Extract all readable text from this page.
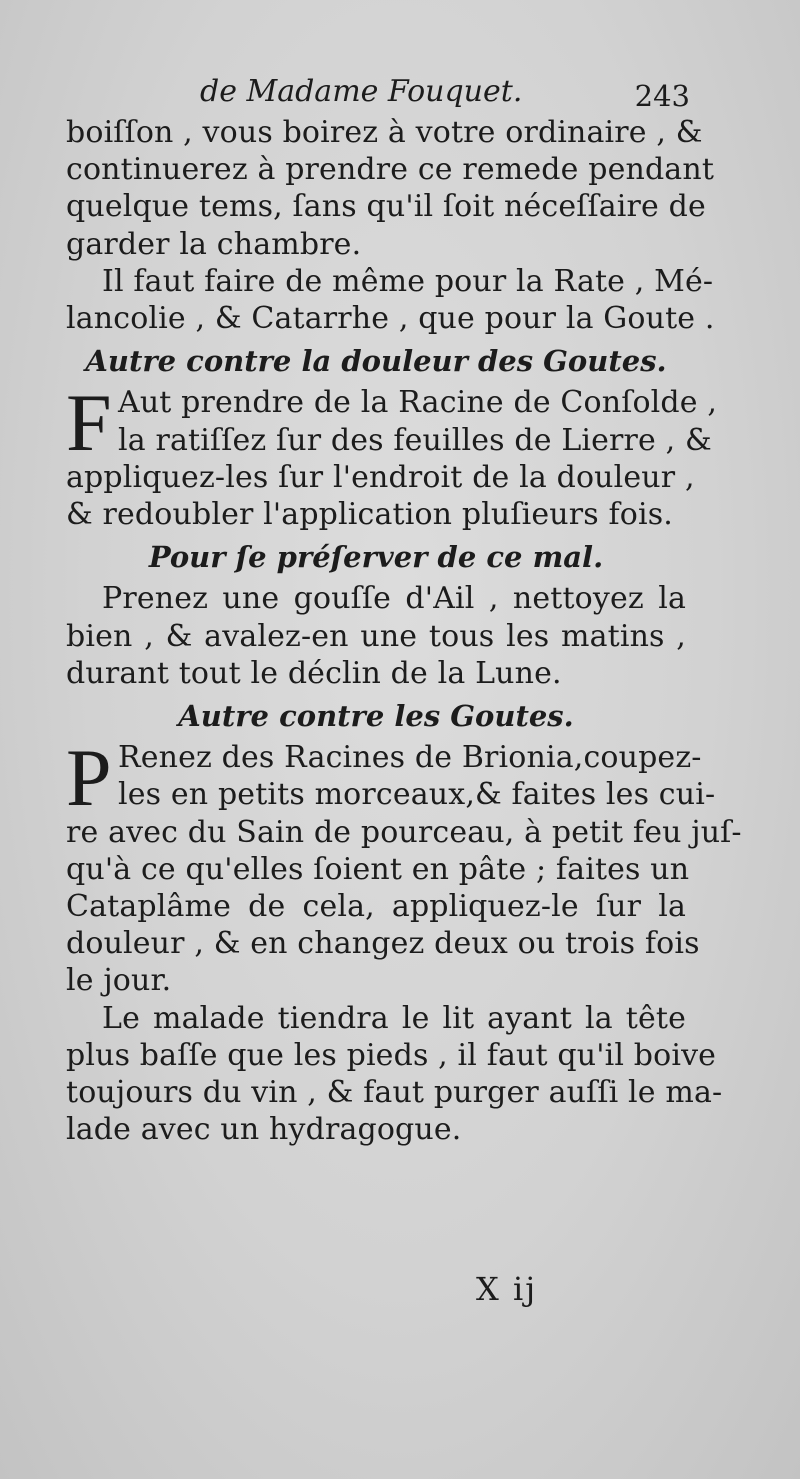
de Madame Fouquet.	243
boiſſon , vous boirez à votre ordinaire , &
continuerez à prendre ce remede pendant
quelque tems, ſans qu'il ſoit néceſſaire de
garder la chambre.
Il faut faire de même pour la Rate , Mé-
lancolie , & Catarrhe , que pour la Goute .
Autre contre la douleur des Goutes.
F Aut prendre de la Racine de Conſolde ,
la ratiſſez ſur des feuilles de Lierre , &
appliquez-les ſur l'endroit de la douleur ,
& redoubler l'application pluſieurs fois.
Pour ſe préſerver de ce mal.
Prenez une gouſſe d'Ail , nettoyez la
bien , & avalez-en une tous les matins ,
durant tout le déclin de la Lune.
Autre contre les Goutes.
P Renez des Racines de Brionia,coupez-
les en petits morceaux,& faites les cui-
re avec du Sain de pourceau, à petit feu juſ-
qu'à ce qu'elles ſoient en pâte ; faites un
Cataplâme de cela, appliquez-le ſur la
douleur , & en changez deux ou trois fois
le jour.
Le malade tiendra le lit ayant la tête
plus baſſe que les pieds , il faut qu'il boive
toujours du vin , & faut purger auſſi le ma-
lade avec un hydragogue.
X ij
